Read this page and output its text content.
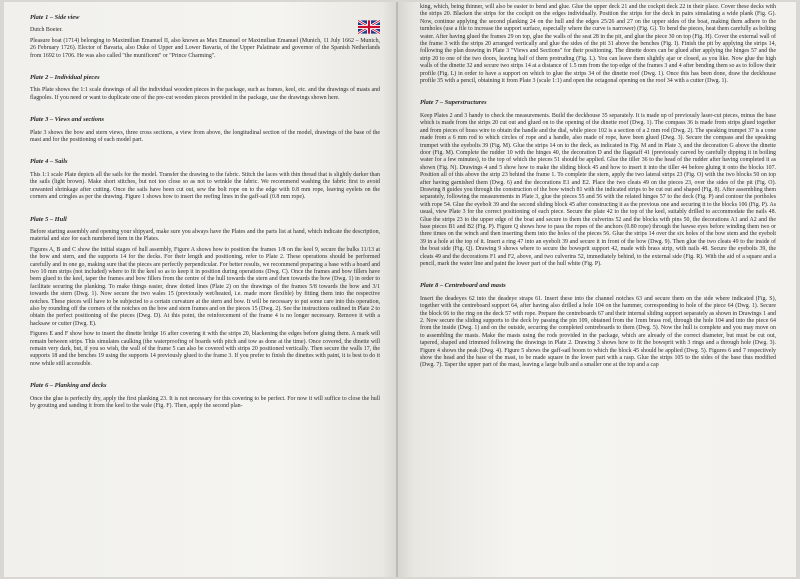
Plate 1 – Side view

Dutch Boeier.

Pleasure boat (1714) belonging to Maximilian Emanuel II, also known as Max Emanuel or Maximilian Emanuel (Munich, 11 July 1662 – Munich, 26 February 1726). Elector of Bavaria, also Duke of Upper and Lower Bavaria, of the Upper Palatinate and governor of the Spanish Netherlands from 1692 to 1706. He was also called "the munificent" or "Prince Charming".

Plate 2 – Individual pieces

This Plate shows the 1:1 scale drawings of all the individual wooden pieces in the package, such as frames, keel, etc. and the drawings of masts and flagpoles. If you need or want to duplicate one of the pre-cut wooden pieces provided in the package, use the drawings shown here.

Plate 3 – Views and sections

Plate 3 shows the bow and stern views, three cross sections, a view from above, the longitudinal section of the model, drawings of the base of the mast and for the positioning of each model part.

Plate 4 – Sails

This 1:1 scale Plate depicts all the sails for the model. Transfer the drawing to the fabric. Stitch the laces with thin thread that is slightly darker than the sails (light brown). Make short stitches, but not too close so as not to wrinkle the fabric. We recommend washing the fabric first to avoid unwanted shrinkage after cutting. Once the sails have been cut out, sew the bolt rope on to the edge with 0.8 mm rope, leaving eyelets on the corners and cringles as per the drawing. Figure 1 shows how to insert the reefing lines in the gaff-sail (0.8 mm rope).

Plate 5 – Hull

Before starting assembly and opening your shipyard, make sure you always have the Plates and the parts list at hand, which indicate the description, material and size for each numbered item in the Plates.

Figures A, B and C show the initial stages of hull assembly, Figure A shows how to position the frames 1/8 on the keel 9, secure the bulks 11/13 at the bow and stern, and the supports 14 for the decks. For their length and positioning, refer to Plate 2. These operations should be performed carefully and in one go, making sure that the pieces are perfectly perpendicular. For better results, we recommend preparing a base with a board and two 10 mm strips (not included) where to fit the keel so as to keep it in position during operations (Dwg. C). Once the frames and bow fillers have been glued to the keel, taper the frames and bow fillers from the centre of the hull towards the stern and then towards the bow (Dwg. 1) in order to facilitate securing the planking. To make things easier, draw dotted lines (Plate 2) on the drawings of the frames 5/8 towards the bow and 3/1 towards the stern (Dwg. 1). Now secure the two wales 15 (previously wet/heated, i.e. made more flexible) by fitting them into the respective notches. These pieces will have to be subjected to a certain curvature at the stern and bow. It will be necessary to put some care into this operation, also by rounding off the corners of the notches on the bow and stern frames and on the pieces 15 (Dwg. 2). See the instructions outlined in Plate 2 to obtain the perfect positioning of the pieces (Dwg. D). At this point, the reinforcement of the frame 4 is no longer necessary. Remove it with a hacksaw or cutter (Dwg. E).

Figures E and F show how to insert the dinette bridge 16 after covering it with the strips 20, blackening the edges before gluing them. A mark will remain between strips. This simulates caulking (the waterproofing of boards with pitch and tow as done at the time). Once covered, the dinette will remain very dark, but, if you so wish, the wall of the frame 5 can also be covered with strips 20 positioned vertically. Then secure the walls 17, the supports 18 and the benches 19 using the supports 14 previously glued to the frame 3. If you prefer to finish the dinettes with paint, it is best to do it now while still accessible.

Plate 6 – Planking and decks

Once the glue is perfectly dry, apply the first planking 23. It is not necessary for this covering to be perfect. For now it will suffice to close the hull by grouting and sanding it from the keel to the wale (Fig. F). Then, apply the second plan-

king, which, being thinner, will also be easier to bend and glue. Glue the upper deck 21 and the cockpit deck 22 in their place. Cover these decks with the strips 20. Blacken the strips for the cockpit on the edges individually. Position the strips for the deck in pairs simulating a wide plank (Fig. G). Now, continue applying the second planking 24 on the hull and the edges 25/26 and 27 on the upper sides of the boat, making them adhere to the turnholes (use a file to increase the support surface, especially where the curve is narrower) (Fig. G). To bend the pieces, heat them carefully as bolting water. After having glued the frames 29 on top, glue the walls of the seat 28 in the pit, and glue the piece 30 on top (Fig. H). Cover the external wall of the frame 3 with the strips 20 arranged vertically and glue the sides of the pit 31 above the benches (Fig. I). Finish the pit by applying the strips 14, following the plan drawing in Plate 3 "Views and Sections" for their positioning. The dinette doors can be glued after applying the hinges 57 and the strip 20 to one of the two doors, leaving half of them protruding (Fig. L). You can leave them slightly ajar or closed, as you like. Now glue the high walls of the dinette 32 and secure two strips 14 at a distance of 1.5 mm from the top edge of the frames 3 and 4 after bending them so as to follow their profile (Fig. L) in order to have a support on which to glue the strips 34 of the dinette roof (Dwg. 1). Once this has been done, draw the deckhouse profile 35 with a pencil, obtaining it from Plate 3 (scale 1:1) and open the octagonal opening on the roof 34 with a cutter (Dwg. 1).

Plate 7 – Superstructures

Keep Plates 2 and 3 handy to check the measurements. Build the deckhouse 35 separately. It is made up of previously laser-cut pieces, minus the base which is made from the strips 20 cut out and glued on to the opening of the dinette roof (Dwg. 1). The compass 36 is made from strips glued together and from pieces of brass wire to obtain the handle and the dial, while piece 102 is a section of a 2 mm rod (Dwg. 2). The speaking trumpet 37 is a cone made from a 6 mm rod to which circles of rope and a handle, also made of rope, have been glued (Dwg. 3). Secure the compass and the speaking trumpet with the eyebolts 39 (Fig. M). Glue the strips 14 on to the deck, as indicated in Fig. M and in Plate 3, and the decoration G above the dinette door (Fig. M). Complete the rudder 10 with the hinges 40, the decoration D and the flagstaff 41 (previously carved by carefully dipping it in boiling water for a few minutes), to the top of which the pieces 51 should be applied. Glue the tiller 36 to the head of the rudder after having completed it as shown (Fig. N). Drawings 4 and 5 show how to make the sliding block 45 and how to insert it into the tiller 44 before gluing it onto the blocks 107. Position all of this above the strip 23 behind the frame 1. To complete the stern, apply the two lateral strips 23 (Fig. O) with the two blocks 50 on top after having garnished them (Dwg. 6) and the decorations E1 and E2. Place the two cleats 49 on the pieces 23, over the sides of the pit (Fig. O). Drawing 8 guides you through the construction of the bow winch 81 with the indicated strips to be cut out and shaped (Fig. 8). After assembling them separately, following the measurements in Plate 3, glue the pieces 55 and 56 with the related hinges 57 to the deck (Fig. P) and contour the portholes with rope 54. Glue the eyebolt 39 and the second sliding block 45 after constructing it as the previous one and securing it to the blocks 106 (Fig. P). As usual, view Plate 3 for the correct positioning of each piece. Secure the plate 42 to the top of the keel, suitably drilled to accommodate the nails 48. Glue the strips 23 to the upper edge of the boat and secure to them the culverins 52 and the blocks with pins 50, the decorations A1 and A2 and the base pieces B1 and B2 (Fig. P). Figure Q shows how to pass the ropes of the anchors (0.80 rope) through the hawse eyes before winding them two or three times on the winch and then inserting them into the holes of the pieces 56. Glue the strips 14 over the six holes of the bow stem and the eyebolt 39 in a hole at the top of it. Insert a ring 47 into an eyebolt 39 and secure it in front of the bow (Dwg. 9). Then glue the two cleats 49 to the inside of the boat side (Fig. Q). Drawing 9 shows where to secure the bowsprit support 42, made with brass strip, with nails 48. Secure the eyebolts 39, the cleats 49 and the decorations F1 and F2, above, and two culverins 52, immediately behind, to the external side (Fig. R). With the aid of a square and a pencil, mark the water line and paint the lower part of the hull white (Fig. P).

Plate 8 – Centreboard and masts

Insert the deadeyes 62 into the deadeye straps 61. Insert these into the channel notches 63 and secure them on the side where indicated (Fig. S), together with the centreboard support 64, after having also drilled a hole 104 on the hammer, corresponding to hole of the piece 64 (Dwg. 1). Secure the block 66 to the ring on the deck 57 with rope. Prepare the centreboards 67 and their internal sliding support separately as shown in Drawings 1 and 2. Now secure the sliding supports to the deck by passing the pin 109, obtained from the 1mm brass rod, through the hole 104 and into the piece 64 from the inside (Dwg. 1) and on the outside, securing the completed centreboards to them (Dwg. 5). Now the hull is complete and you may move on to assembling the masts. Make the masts using the rods provided in the package, which are already of the correct diameter, but must be cut out, tapered, shaped and trimmed following the drawings in Plate 2. Drawing 3 shows how to fit the bowsprit with 3 rings and a through hole (Dwg. 3). Figure 4 shows the peak (Dwg. 4). Figure 5 shows the gaff-sail boom to which the block 45 should be applied (Dwg. 5). Figures 6 and 7 respectively show the head and the base of the mast, to be made square in the lower part with a rasp. Glue the strips 105 to the sides of the base thus modified (Dwg. 7). Taper the upper part of the mast, leaving a large bulb and a smaller one at the top and a cap
